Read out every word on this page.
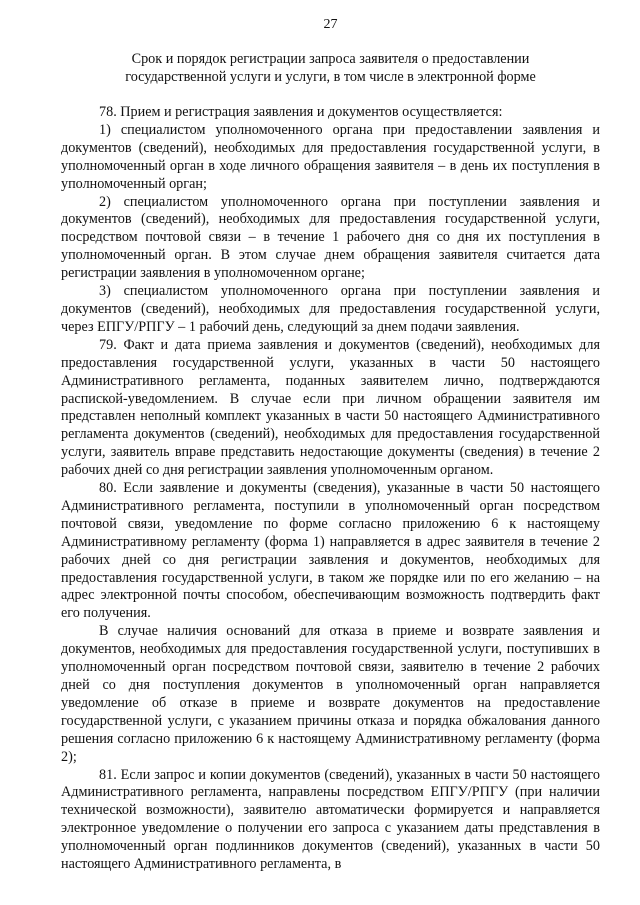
27
Срок и порядок регистрации запроса заявителя о предоставлении
государственной услуги и услуги, в том числе в электронной форме

78. Прием и регистрация заявления и документов осуществляется:

1) специалистом уполномоченного органа при предоставлении заявления и документов (сведений), необходимых для предоставления государственной услуги, в уполномоченный орган в ходе личного обращения заявителя – в день их поступления в уполномоченный орган;

2) специалистом уполномоченного органа при поступлении заявления и документов (сведений), необходимых для предоставления государственной услуги, посредством почтовой связи – в течение 1 рабочего дня со дня их поступления в уполномоченный орган. В этом случае днем обращения заявителя считается дата регистрации заявления в уполномоченном органе;

3) специалистом уполномоченного органа при поступлении заявления и документов (сведений), необходимых для предоставления государственной услуги, через ЕПГУ/РПГУ – 1 рабочий день, следующий за днем подачи заявления.

79. Факт и дата приема заявления и документов (сведений), необходимых для предоставления государственной услуги, указанных в части 50 настоящего Административного регламента, поданных заявителем лично, подтверждаются распиской-уведомлением. В случае если при личном обращении заявителя им представлен неполный комплект указанных в части 50 настоящего Административного регламента документов (сведений), необходимых для предоставления государственной услуги, заявитель вправе представить недостающие документы (сведения) в течение 2 рабочих дней со дня регистрации заявления уполномоченным органом.

80. Если заявление и документы (сведения), указанные в части 50 настоящего Административного регламента, поступили в уполномоченный орган посредством почтовой связи, уведомление по форме согласно приложению 6 к настоящему Административному регламенту (форма 1) направляется в адрес заявителя в течение 2 рабочих дней со дня регистрации заявления и документов, необходимых для предоставления государственной услуги, в таком же порядке или по его желанию – на адрес электронной почты способом, обеспечивающим возможность подтвердить факт его получения.

В случае наличия оснований для отказа в приеме и возврате заявления и документов, необходимых для предоставления государственной услуги, поступивших в уполномоченный орган посредством почтовой связи, заявителю в течение 2 рабочих дней со дня поступления документов в уполномоченный орган направляется уведомление об отказе в приеме и возврате документов на предоставление государственной услуги, с указанием причины отказа и порядка обжалования данного решения согласно приложению 6 к настоящему Административному регламенту (форма 2);

81. Если запрос и копии документов (сведений), указанных в части 50 настоящего Административного регламента, направлены посредством ЕПГУ/РПГУ (при наличии технической возможности), заявителю автоматически формируется и направляется электронное уведомление о получении его запроса с указанием даты представления в уполномоченный орган подлинников документов (сведений), указанных в части 50 настоящего Административного регламента, в
